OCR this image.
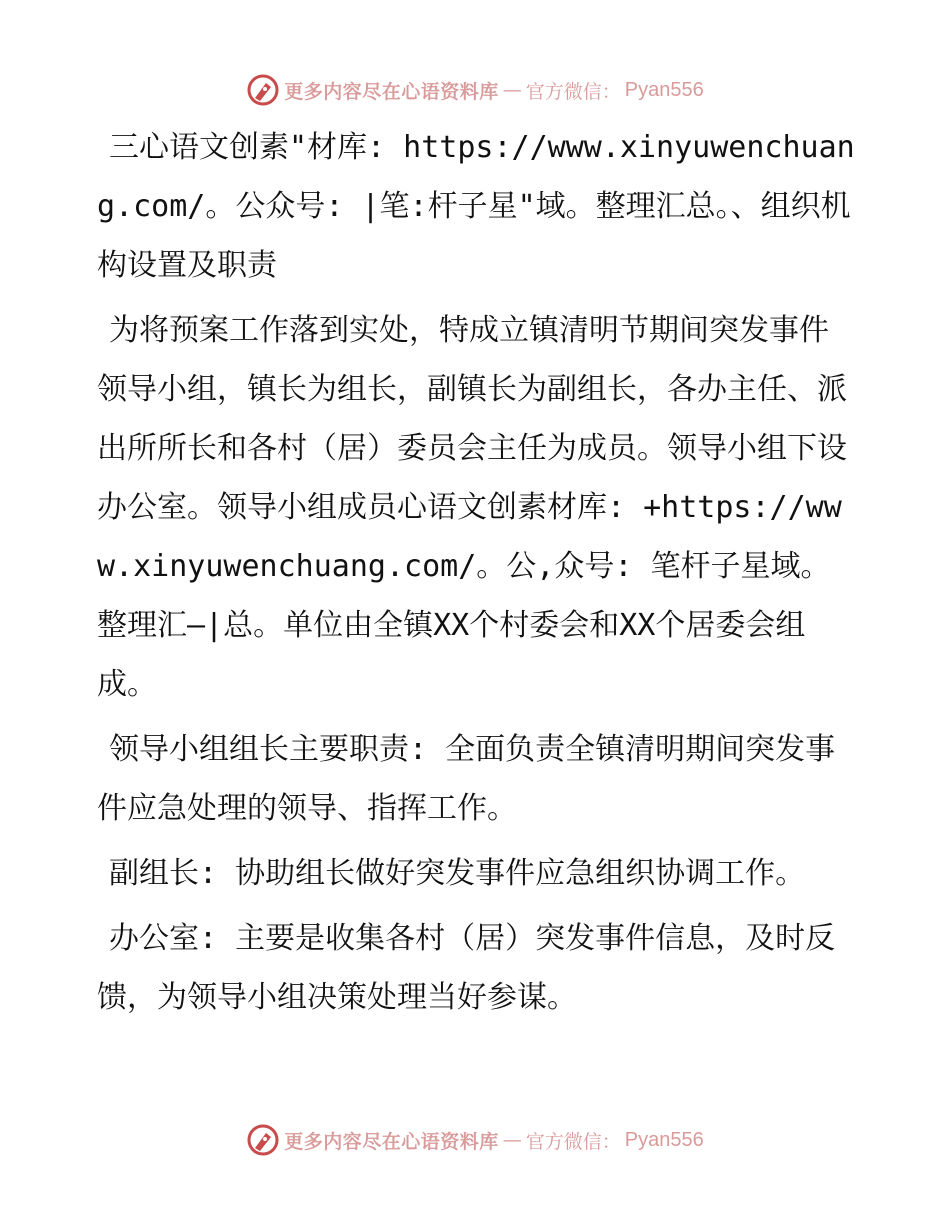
更多内容尽在心语资料库 — 官方微信： Pyan556

三心语文创素"材库: https://www.xinyuwenchuang.com/。公众号: |笔:杆子星"域。整理汇总。、组织机构设置及职责

为将预案工作落到实处，特成立镇清明节期间突发事件领导小组，镇长为组长，副镇长为副组长，各办主任、派出所所长和各村（居）委员会主任为成员。领导小组下设办公室。领导小组成员心语文创素材库: +https://www.xinyuwenchuang.com/。公,众号: 笔杆子星域。整理汇—|总。单位由全镇XX个村委会和XX个居委会组成。

领导小组组长主要职责: 全面负责全镇清明期间突发事件应急处理的领导、指挥工作。

副组长: 协助组长做好突发事件应急组织协调工作。

办公室: 主要是收集各村（居）突发事件信息，及时反馈，为领导小组决策处理当好参谋。

更多内容尽在心语资料库 — 官方微信： Pyan556
